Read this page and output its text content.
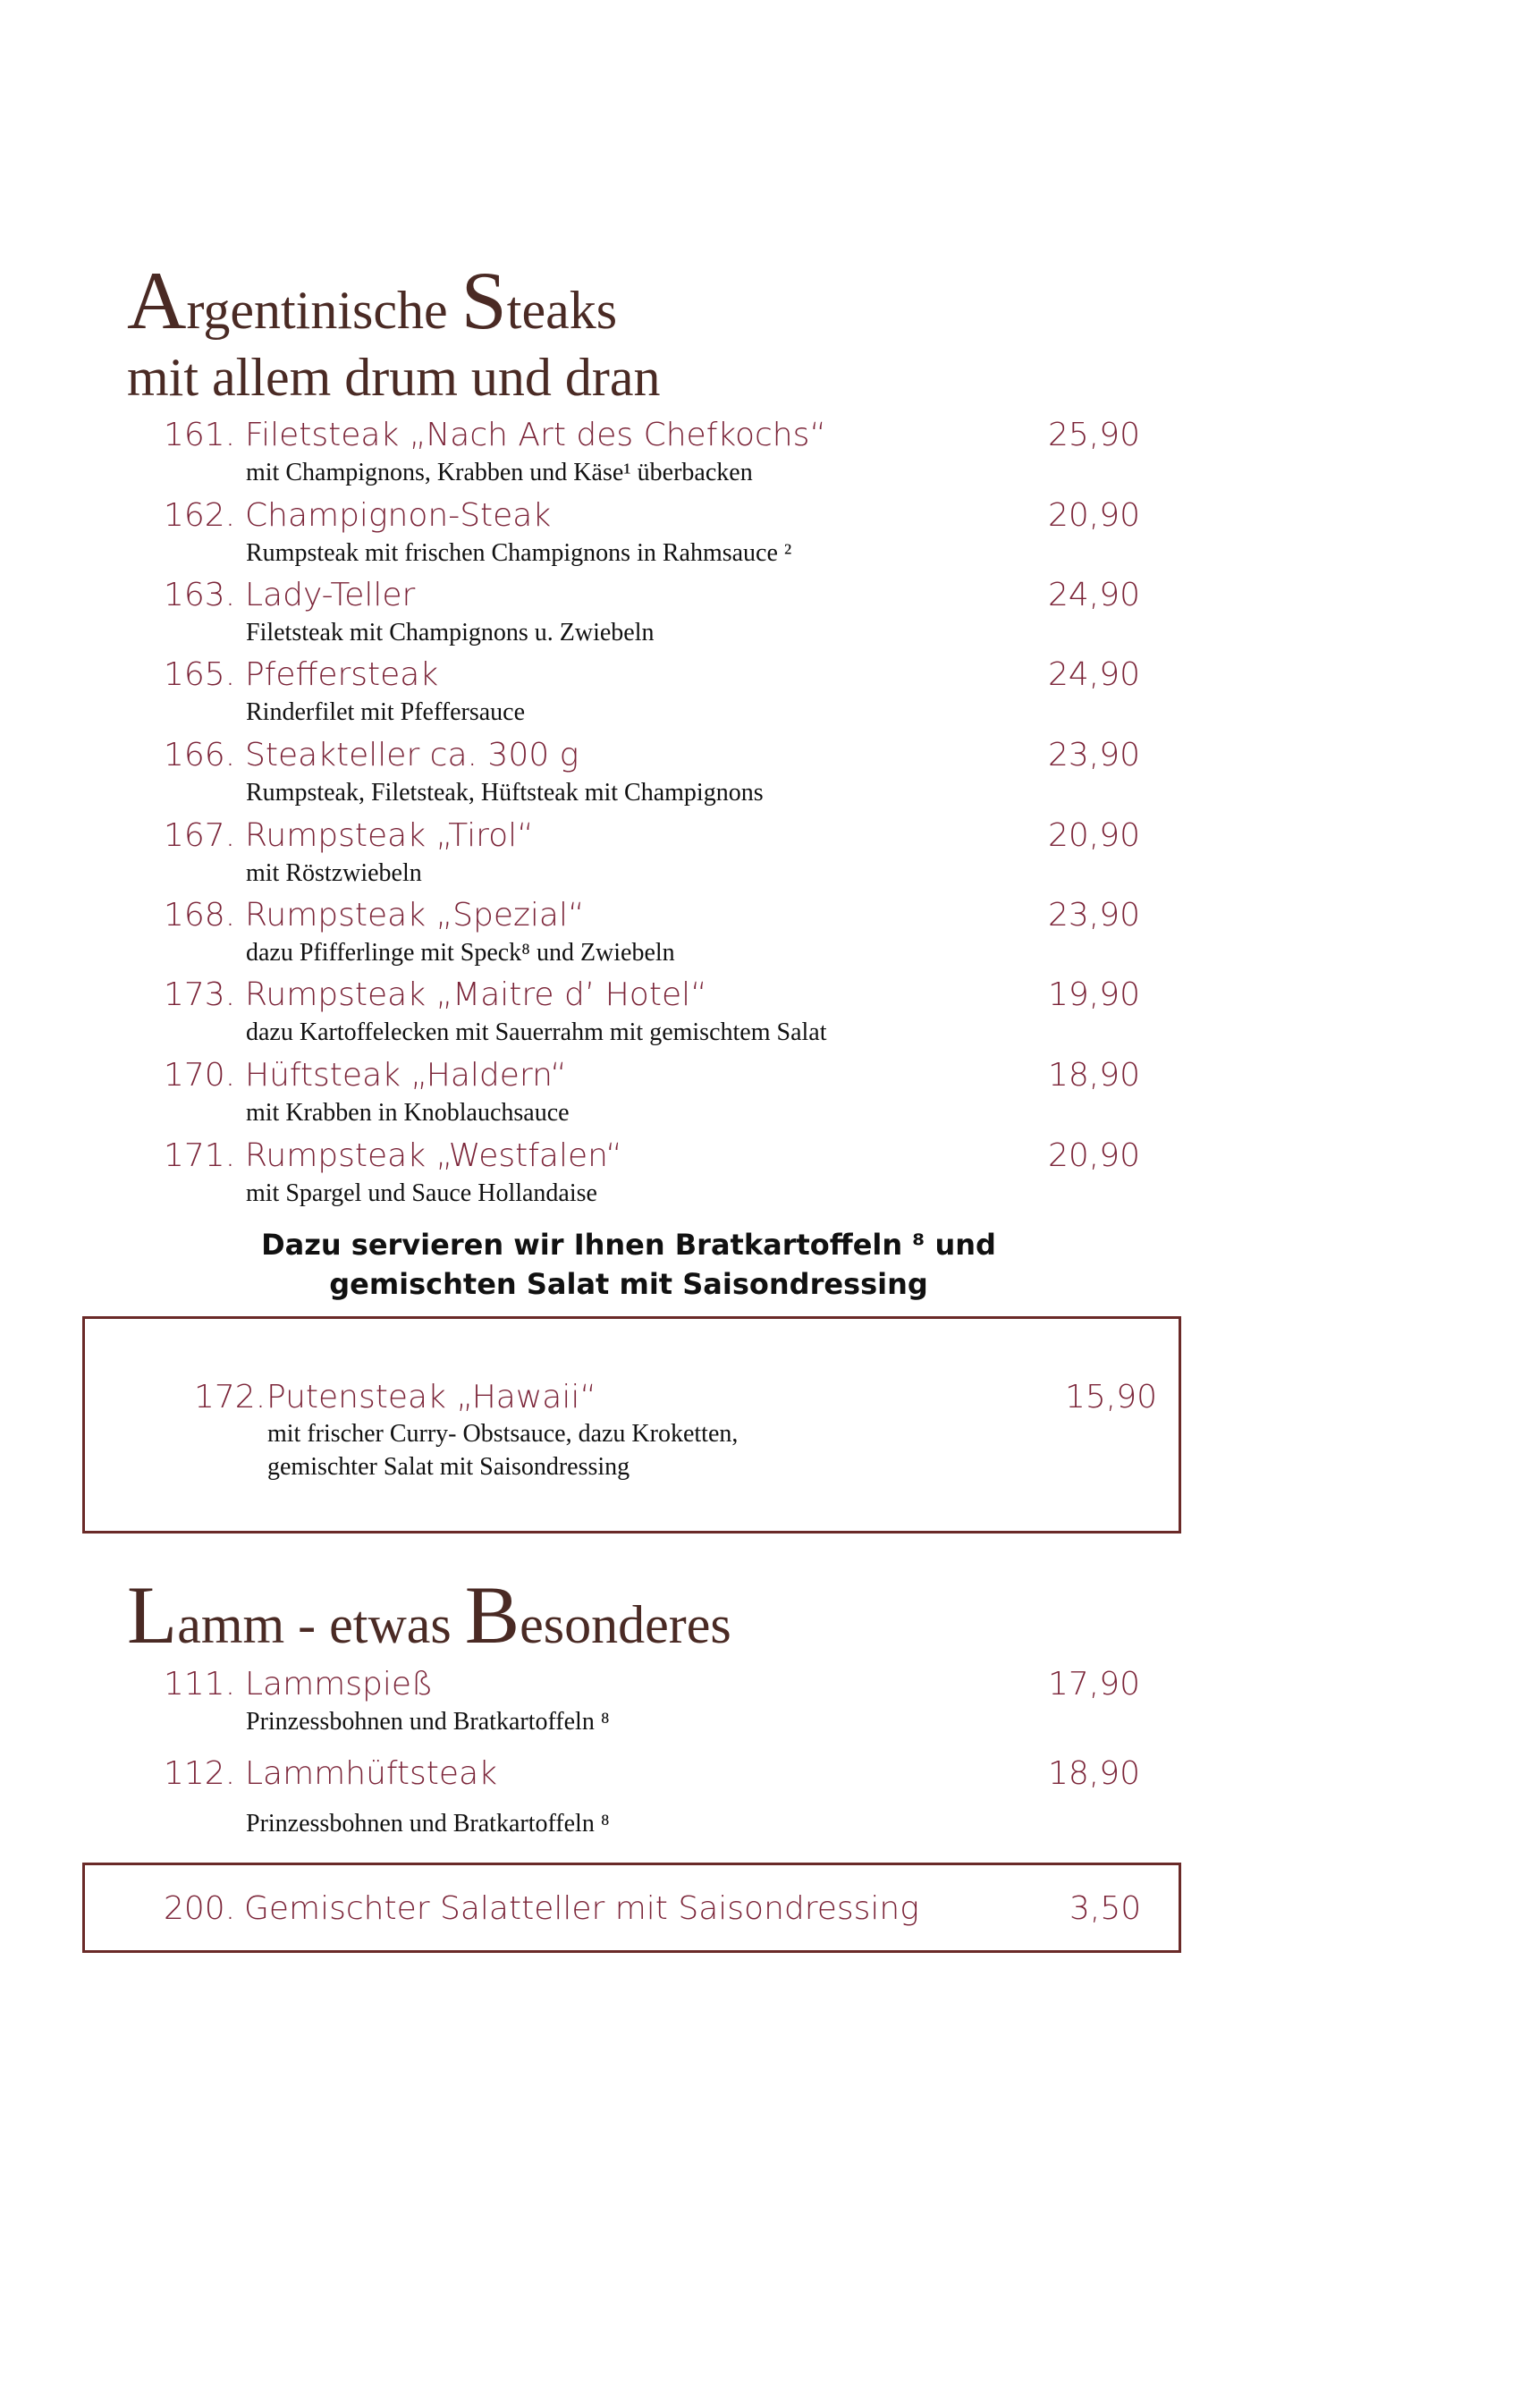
Argentinische Steaks
mit allem drum und dran
161. Filetsteak „Nach Art des Chefkochs“	25,90
mit Champignons, Krabben und Käse¹ überbacken
162. Champignon-Steak	20,90
Rumpsteak mit frischen Champignons in Rahmsauce ²
163. Lady-Teller	24,90
Filetsteak mit Champignons u. Zwiebeln
165. Pfeffersteak	24,90
Rinderfilet mit Pfeffersauce
166. Steakteller ca. 300 g	23,90
Rumpsteak, Filetsteak, Hüftsteak mit Champignons
167. Rumpsteak „Tirol“	20,90
mit Röstzwiebeln
168. Rumpsteak „Spezial“	23,90
dazu Pfifferlinge mit Speck⁸ und Zwiebeln
173. Rumpsteak „Maitre d’ Hotel“	19,90
dazu Kartoffelecken mit Sauerrahm mit gemischtem Salat
170. Hüftsteak „Haldern“	18,90
mit Krabben in Knoblauchsauce
171. Rumpsteak „Westfalen“	20,90
mit Spargel und Sauce Hollandaise
Dazu servieren wir Ihnen Bratkartoffeln ⁸ und
gemischten Salat mit Saisondressing
172. Putensteak „Hawaii“	15,90
mit frischer Curry- Obstsauce, dazu Kroketten,
gemischter Salat mit Saisondressing
Lamm - etwas Besonderes
111. Lammspieß	17,90
Prinzessbohnen und Bratkartoffeln ⁸
112. Lammhüftsteak	18,90
Prinzessbohnen und Bratkartoffeln ⁸
200. Gemischter Salatteller mit Saisondressing	3,50
